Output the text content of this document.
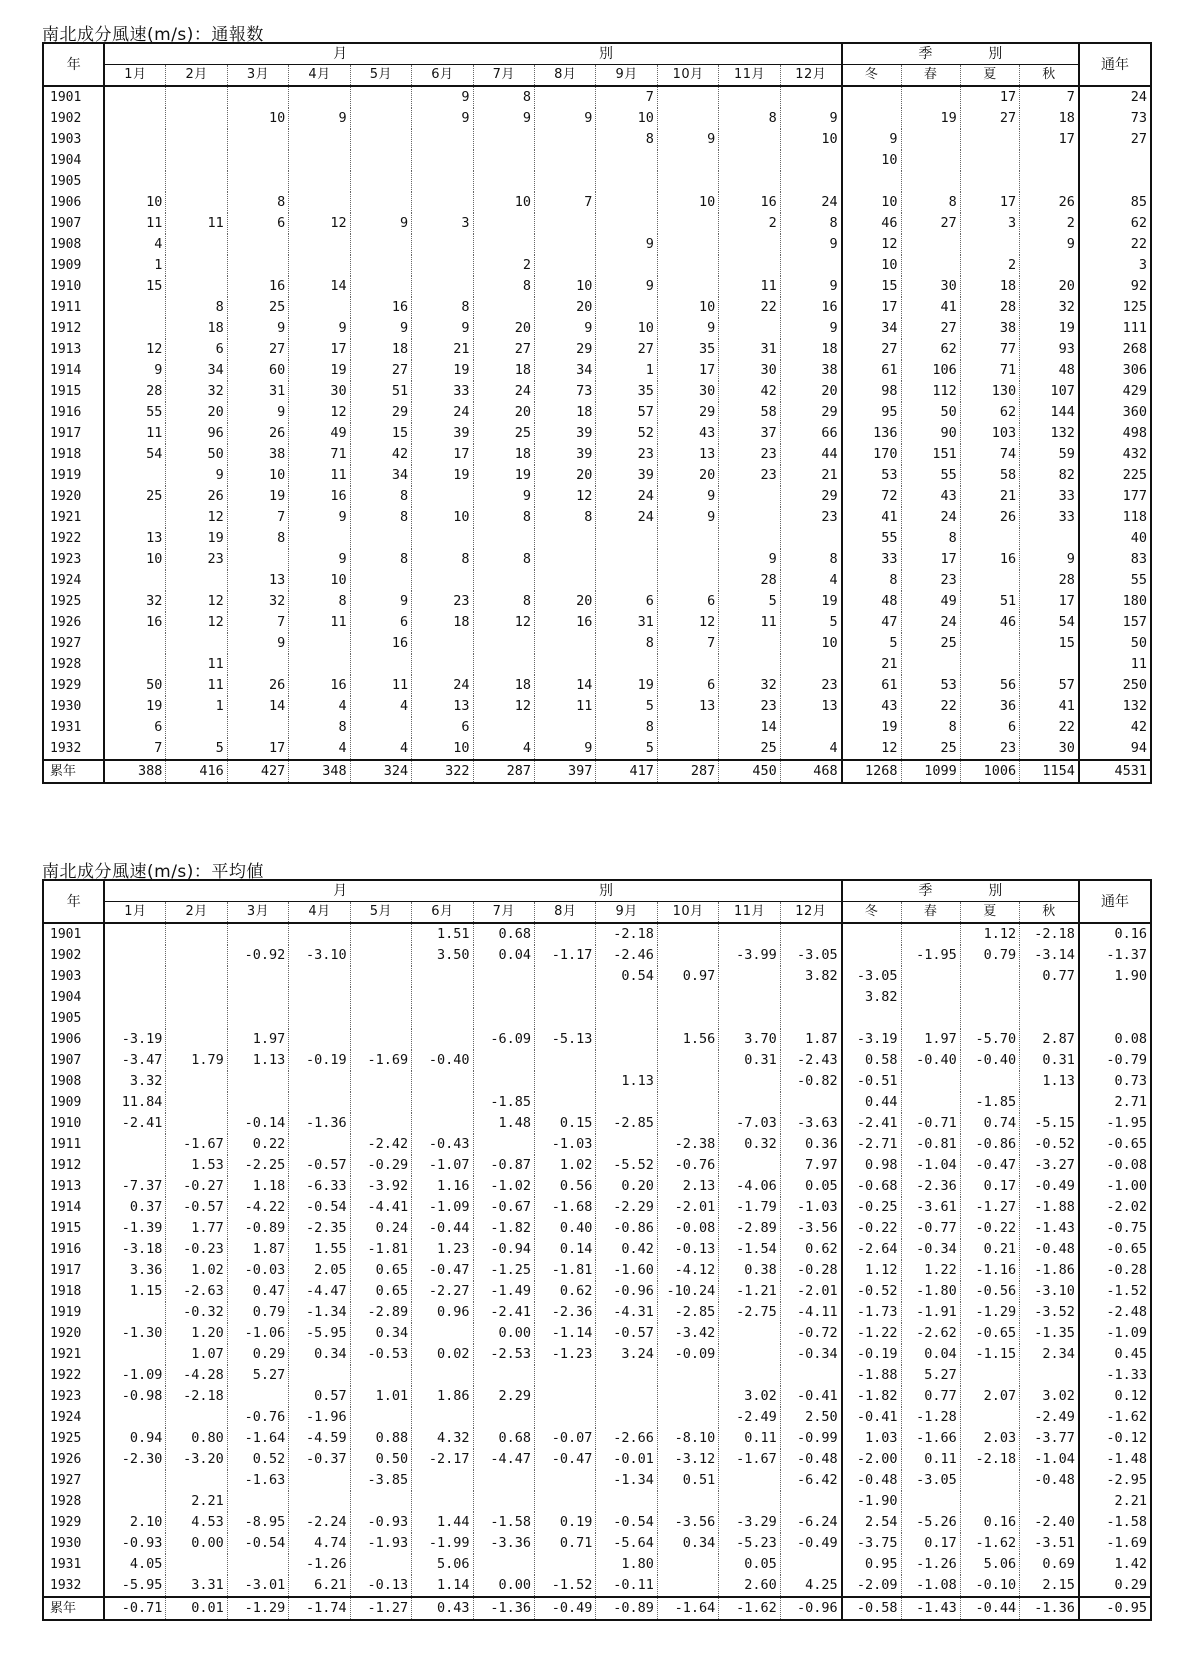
南北成分風速(m/s)：通報数
年	月　　　　　　　　　　　　　　　　　　別												季　　　　別				通年
	1月	2月	3月	4月	5月	6月	7月	8月	9月	10月	11月	12月	冬	春	夏	秋	
1901						9	8		7						17	7	24
1902			10	9		9	9	9	10		8	9		19	27	18	73
1903									8	9		10	9			17	27
1904													10				
1905																	
1906	10		8				10	7		10	16	24	10	8	17	26	85
1907	11	11	6	12	9	3					2	8	46	27	3	2	62
1908	4								9			9	12			9	22
1909	1						2						10		2		3
1910	15		16	14			8	10	9		11	9	15	30	18	20	92
1911		8	25		16	8		20		10	22	16	17	41	28	32	125
1912		18	9	9	9	9	20	9	10	9		9	34	27	38	19	111
1913	12	6	27	17	18	21	27	29	27	35	31	18	27	62	77	93	268
1914	9	34	60	19	27	19	18	34	1	17	30	38	61	106	71	48	306
1915	28	32	31	30	51	33	24	73	35	30	42	20	98	112	130	107	429
1916	55	20	9	12	29	24	20	18	57	29	58	29	95	50	62	144	360
1917	11	96	26	49	15	39	25	39	52	43	37	66	136	90	103	132	498
1918	54	50	38	71	42	17	18	39	23	13	23	44	170	151	74	59	432
1919		9	10	11	34	19	19	20	39	20	23	21	53	55	58	82	225
1920	25	26	19	16	8		9	12	24	9		29	72	43	21	33	177
1921		12	7	9	8	10	8	8	24	9		23	41	24	26	33	118
1922	13	19	8										55	8			40
1923	10	23		9	8	8	8				9	8	33	17	16	9	83
1924			13	10							28	4	8	23		28	55
1925	32	12	32	8	9	23	8	20	6	6	5	19	48	49	51	17	180
1926	16	12	7	11	6	18	12	16	31	12	11	5	47	24	46	54	157
1927			9		16				8	7		10	5	25		15	50
1928		11											21				11
1929	50	11	26	16	11	24	18	14	19	6	32	23	61	53	56	57	250
1930	19	1	14	4	4	13	12	11	5	13	23	13	43	22	36	41	132
1931	6			8		6			8		14		19	8	6	22	42
1932	7	5	17	4	4	10	4	9	5		25	4	12	25	23	30	94
累年	388	416	427	348	324	322	287	397	417	287	450	468	1268	1099	1006	1154	4531
南北成分風速(m/s)：平均値
年	月　　　　　　　　　　　　　　　　　　別												季　　　　別				通年
	1月	2月	3月	4月	5月	6月	7月	8月	9月	10月	11月	12月	冬	春	夏	秋	
1901						1.51	0.68		-2.18						1.12	-2.18	0.16
1902			-0.92	-3.10		3.50	0.04	-1.17	-2.46		-3.99	-3.05		-1.95	0.79	-3.14	-1.37
1903									0.54	0.97		3.82	-3.05			0.77	1.90
1904													3.82				
1905																	
1906	-3.19		1.97				-6.09	-5.13		1.56	3.70	1.87	-3.19	1.97	-5.70	2.87	0.08
1907	-3.47	1.79	1.13	-0.19	-1.69	-0.40					0.31	-2.43	0.58	-0.40	-0.40	0.31	-0.79
1908	3.32								1.13			-0.82	-0.51			1.13	0.73
1909	11.84						-1.85						0.44		-1.85		2.71
1910	-2.41		-0.14	-1.36			1.48	0.15	-2.85		-7.03	-3.63	-2.41	-0.71	0.74	-5.15	-1.95
1911		-1.67	0.22		-2.42	-0.43		-1.03		-2.38	0.32	0.36	-2.71	-0.81	-0.86	-0.52	-0.65
1912		1.53	-2.25	-0.57	-0.29	-1.07	-0.87	1.02	-5.52	-0.76		7.97	0.98	-1.04	-0.47	-3.27	-0.08
1913	-7.37	-0.27	1.18	-6.33	-3.92	1.16	-1.02	0.56	0.20	2.13	-4.06	0.05	-0.68	-2.36	0.17	-0.49	-1.00
1914	0.37	-0.57	-4.22	-0.54	-4.41	-1.09	-0.67	-1.68	-2.29	-2.01	-1.79	-1.03	-0.25	-3.61	-1.27	-1.88	-2.02
1915	-1.39	1.77	-0.89	-2.35	0.24	-0.44	-1.82	0.40	-0.86	-0.08	-2.89	-3.56	-0.22	-0.77	-0.22	-1.43	-0.75
1916	-3.18	-0.23	1.87	1.55	-1.81	1.23	-0.94	0.14	0.42	-0.13	-1.54	0.62	-2.64	-0.34	0.21	-0.48	-0.65
1917	3.36	1.02	-0.03	2.05	0.65	-0.47	-1.25	-1.81	-1.60	-4.12	0.38	-0.28	1.12	1.22	-1.16	-1.86	-0.28
1918	1.15	-2.63	0.47	-4.47	0.65	-2.27	-1.49	0.62	-0.96	-10.24	-1.21	-2.01	-0.52	-1.80	-0.56	-3.10	-1.52
1919		-0.32	0.79	-1.34	-2.89	0.96	-2.41	-2.36	-4.31	-2.85	-2.75	-4.11	-1.73	-1.91	-1.29	-3.52	-2.48
1920	-1.30	1.20	-1.06	-5.95	0.34		0.00	-1.14	-0.57	-3.42		-0.72	-1.22	-2.62	-0.65	-1.35	-1.09
1921		1.07	0.29	0.34	-0.53	0.02	-2.53	-1.23	3.24	-0.09		-0.34	-0.19	0.04	-1.15	2.34	0.45
1922	-1.09	-4.28	5.27										-1.88	5.27			-1.33
1923	-0.98	-2.18		0.57	1.01	1.86	2.29				3.02	-0.41	-1.82	0.77	2.07	3.02	0.12
1924			-0.76	-1.96							-2.49	2.50	-0.41	-1.28		-2.49	-1.62
1925	0.94	0.80	-1.64	-4.59	0.88	4.32	0.68	-0.07	-2.66	-8.10	0.11	-0.99	1.03	-1.66	2.03	-3.77	-0.12
1926	-2.30	-3.20	0.52	-0.37	0.50	-2.17	-4.47	-0.47	-0.01	-3.12	-1.67	-0.48	-2.00	0.11	-2.18	-1.04	-1.48
1927			-1.63		-3.85				-1.34	0.51		-6.42	-0.48	-3.05		-0.48	-2.95
1928		2.21											-1.90				2.21
1929	2.10	4.53	-8.95	-2.24	-0.93	1.44	-1.58	0.19	-0.54	-3.56	-3.29	-6.24	2.54	-5.26	0.16	-2.40	-1.58
1930	-0.93	0.00	-0.54	4.74	-1.93	-1.99	-3.36	0.71	-5.64	0.34	-5.23	-0.49	-3.75	0.17	-1.62	-3.51	-1.69
1931	4.05			-1.26		5.06			1.80		0.05		0.95	-1.26	5.06	0.69	1.42
1932	-5.95	3.31	-3.01	6.21	-0.13	1.14	0.00	-1.52	-0.11		2.60	4.25	-2.09	-1.08	-0.10	2.15	0.29
累年	-0.71	0.01	-1.29	-1.74	-1.27	0.43	-1.36	-0.49	-0.89	-1.64	-1.62	-0.96	-0.58	-1.43	-0.44	-1.36	-0.95
